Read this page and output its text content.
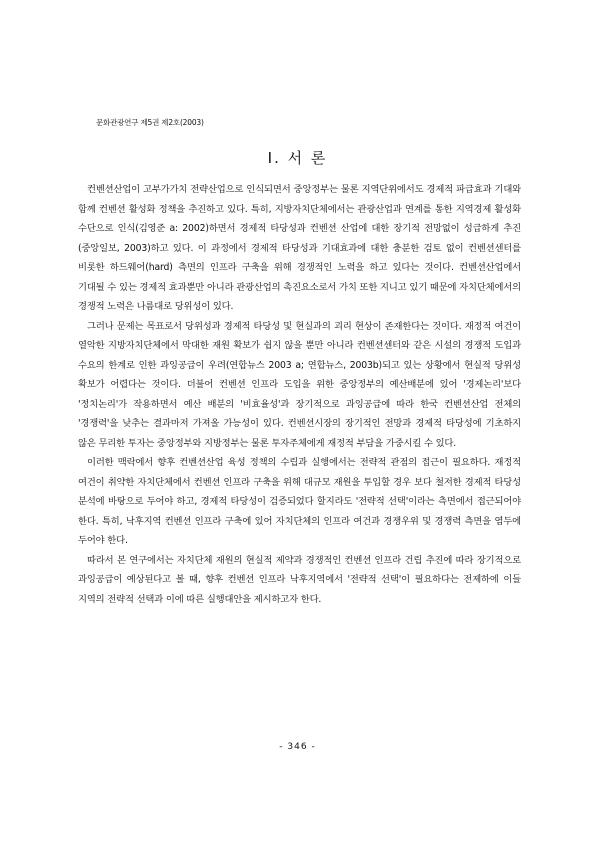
문화관광연구 제5권 제2호(2003)
Ⅰ. 서 론

컨벤션산업이 고부가가치 전략산업으로 인식되면서 중앙정부는 물론 지역단위에서도 경제적 파급효과 기대와 함께 컨벤션 활성화 정책을 추진하고 있다. 특히, 지방자치단체에서는 관광산업과 연계를 통한 지역경제 활성화 수단으로 인식(김영준 a: 2002)하면서 경제적 타당성과 컨벤션 산업에 대한 장기적 전망없이 성급하게 추진(중앙일보, 2003)하고 있다. 이 과정에서 경제적 타당성과 기대효과에 대한 충분한 검토 없이 컨벤션센터를 비롯한 하드웨어(hard) 측면의 인프라 구축을 위해 경쟁적인 노력을 하고 있다는 것이다. 컨벤션산업에서 기대될 수 있는 경제적 효과뿐만 아니라 관광산업의 촉진요소로서 가치 또한 지니고 있기 때문에 자치단체에서의 경쟁적 노력은 나름대로 당위성이 있다.

그러나 문제는 목표로서 당위성과 경제적 타당성 및 현실과의 괴리 현상이 존재한다는 것이다. 재정적 여건이 열악한 지방자치단체에서 막대한 재원 확보가 쉽지 않을 뿐만 아니라 컨벤션센터와 같은 시설의 경쟁적 도입과 수요의 한계로 인한 과잉공급이 우려(연합뉴스 2003 a; 연합뉴스, 2003b)되고 있는 상황에서 현실적 당위성 확보가 어렵다는 것이다. 더불어 컨벤션 인프라 도입을 위한 중앙정부의 예산배분에 있어 '경제논리'보다 '정치논리'가 작용하면서 예산 배분의 '비효율성'과 장기적으로 과잉공급에 따라 한국 컨벤션산업 전체의 '경쟁력'을 낮추는 결과마저 가져올 가능성이 있다. 컨벤션시장의 장기적인 전망과 경제적 타당성에 기초하지 않은 무리한 투자는 중앙정부와 지방정부는 물론 투자주체에게 재정적 부담을 가중시킬 수 있다.

이러한 맥락에서 향후 컨벤션산업 육성 정책의 수립과 실행에서는 전략적 관점의 접근이 필요하다. 재정적 여건이 취약한 자치단체에서 컨벤션 인프라 구축을 위해 대규모 재원을 투입할 경우 보다 철저한 경제적 타당성 분석에 바탕으로 두어야 하고, 경제적 타당성이 검증되었다 할지라도 '전략적 선택'이라는 측면에서 접근되어야 한다. 특히, 낙후지역 컨벤션 인프라 구축에 있어 자치단체의 인프라 여건과 경쟁우위 및 경쟁력 측면을 염두에 두어야 한다.

따라서 본 연구에서는 자치단체 재원의 현실적 제약과 경쟁적인 컨벤션 인프라 건립 추진에 따라 장기적으로 과잉공급이 예상된다고 볼 때, 향후 컨벤션 인프라 낙후지역에서 '전략적 선택'이 필요하다는 전제하에 이들 지역의 전략적 선택과 이에 따른 실행대안을 제시하고자 한다.

- 346 -
